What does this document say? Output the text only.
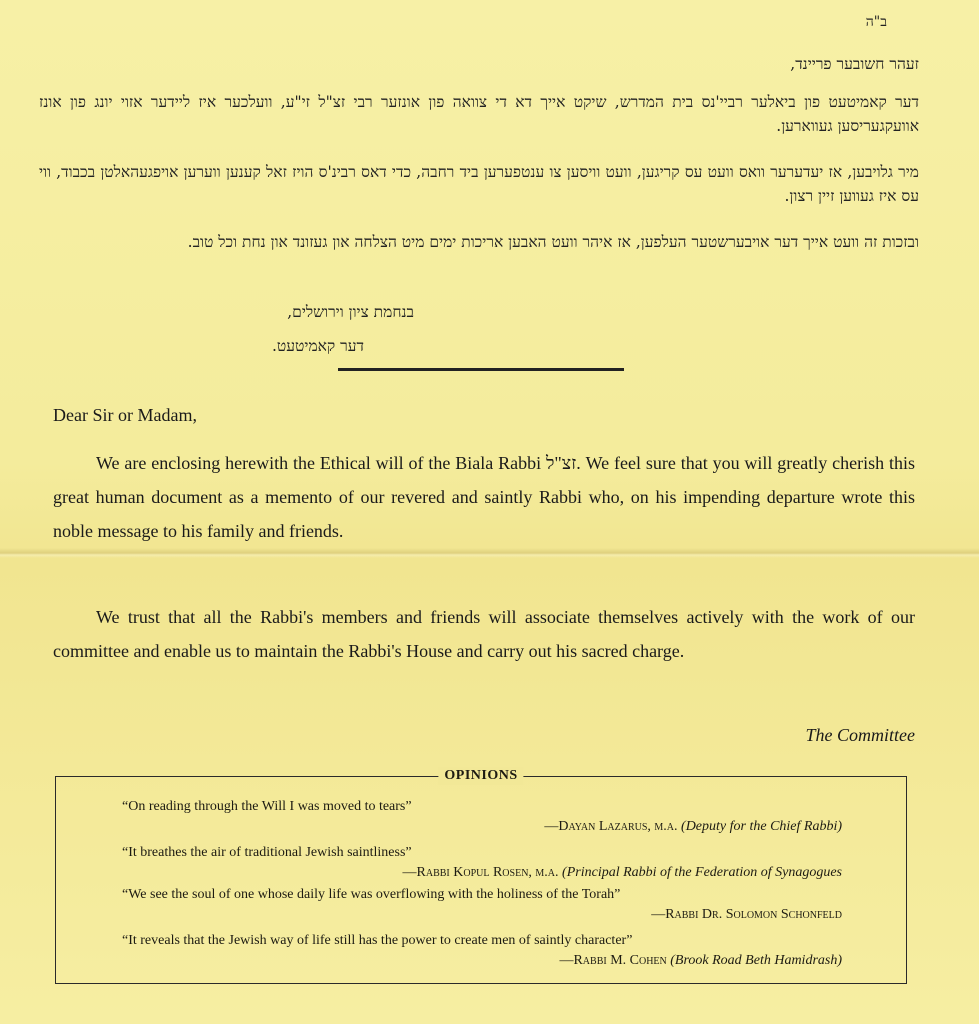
ב"ה
זעהר חשובער פריינד,
דער קאמיטעט פון ביאלער רביי'נס בית המדרש, שיקט אייך דא די צוואה פון אונזער רבי זצ"ל זי"ע, וועלכער איז ליידער אזוי יונג פון אונז אוועקגעריסען געווארען.
מיר גלויבען, אז יעדערער וואס וועט עס קריגען, וועט וויסען צו ענטפערען ביד רחבה, כדי דאס רבינ'ס הויז זאל קענען ווערען אויפגעהאלטן בכבוד, ווי עס איז געווען זיין רצון.
ובזכות זה וועט אייך דער אויבערשטער העלפען, אז איהר וועט האבען אריכות ימים מיט הצלחה און געזונד און נחת וכל טוב.
בנחמת ציון וירושלים,
דער קאמיטעט.
Dear Sir or Madam,
We are enclosing herewith the Ethical will of the Biala Rabbi זצ"ל. We feel sure that you will greatly cherish this great human document as a memento of our revered and saintly Rabbi who, on his impending departure wrote this noble message to his family and friends.
We trust that all the Rabbi's members and friends will associate themselves actively with the work of our committee and enable us to maintain the Rabbi's House and carry out his sacred charge.
The Committee
OPINIONS
“On reading through the Will I was moved to tears”
—Dayan Lazarus, m.a. (Deputy for the Chief Rabbi)
“It breathes the air of traditional Jewish saintliness”
—Rabbi Kopul Rosen, m.a. (Principal Rabbi of the Federation of Synagogues
“We see the soul of one whose daily life was overflowing with the holiness of the Torah”
—Rabbi Dr. Solomon Schonfeld
“It reveals that the Jewish way of life still has the power to create men of saintly character”
—Rabbi M. Cohen (Brook Road Beth Hamidrash)
